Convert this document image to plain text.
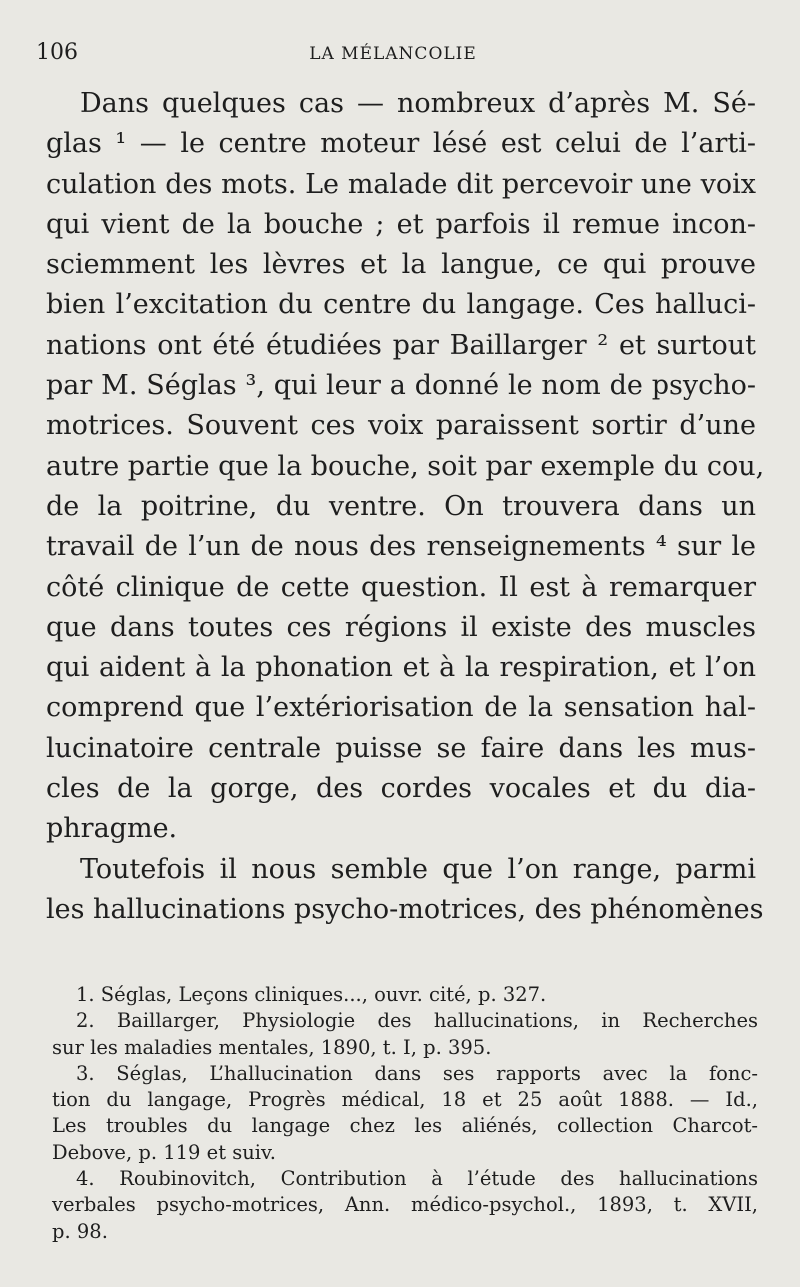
106	LA MÉLANCOLIE
Dans quelques cas — nombreux d’après M. Sé-
glas ¹ — le centre moteur lésé est celui de l’arti-
culation des mots. Le malade dit percevoir une voix
qui vient de la bouche ; et parfois il remue incon-
sciemment les lèvres et la langue, ce qui prouve
bien l’excitation du centre du langage. Ces halluci-
nations ont été étudiées par Baillarger ² et surtout
par M. Séglas ³, qui leur a donné le nom de psycho-
motrices. Souvent ces voix paraissent sortir d’une
autre partie que la bouche, soit par exemple du cou,
de la poitrine, du ventre. On trouvera dans un
travail de l’un de nous des renseignements ⁴ sur le
côté clinique de cette question. Il est à remarquer
que dans toutes ces régions il existe des muscles
qui aident à la phonation et à la respiration, et l’on
comprend que l’extériorisation de la sensation hal-
lucinatoire centrale puisse se faire dans les mus-
cles de la gorge, des cordes vocales et du dia-
phragme.
Toutefois il nous semble que l’on range, parmi
les hallucinations psycho-motrices, des phénomènes
1. Séglas, Leçons cliniques..., ouvr. cité, p. 327.
2. Baillarger, Physiologie des hallucinations, in Recherches
sur les maladies mentales, 1890, t. I, p. 395.
3. Séglas, L’hallucination dans ses rapports avec la fonc-
tion du langage, Progrès médical, 18 et 25 août 1888. — Id.,
Les troubles du langage chez les aliénés, collection Charcot-
Debove, p. 119 et suiv.
4. Roubinovitch, Contribution à l’étude des hallucinations
verbales psycho-motrices, Ann. médico-psychol., 1893, t. XVII,
p. 98.
